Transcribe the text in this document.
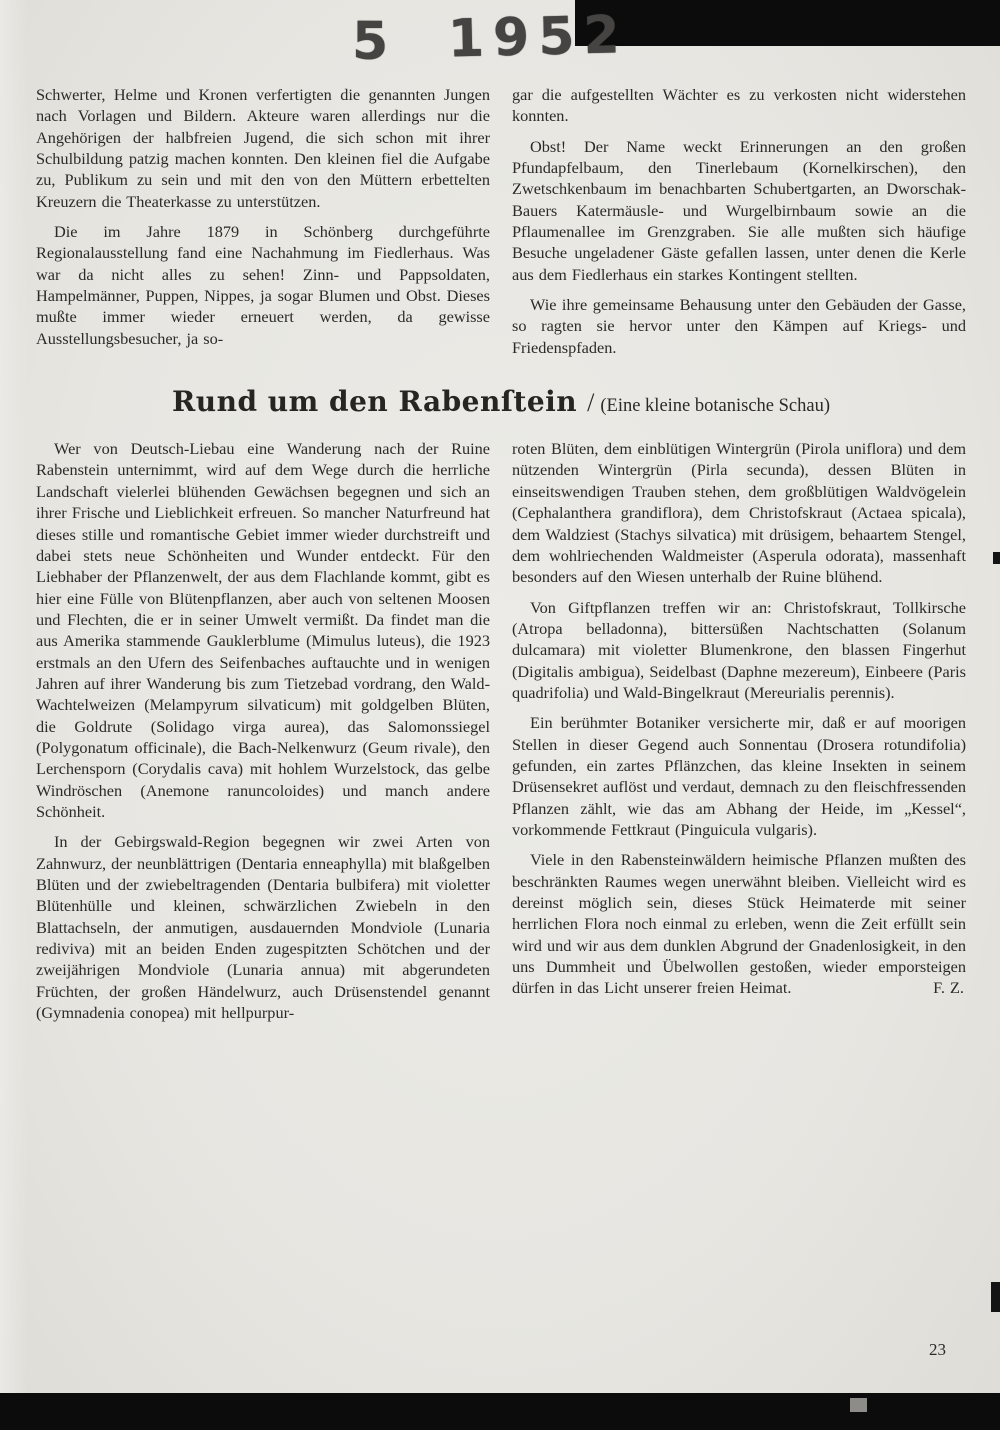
5 1952

Schwerter, Helme und Kronen verfertigten die genannten Jungen nach Vorlagen und Bildern. Akteure waren allerdings nur die Angehörigen der halbfreien Jugend, die sich schon mit ihrer Schulbildung patzig machen konnten. Den kleinen fiel die Aufgabe zu, Publikum zu sein und mit den von den Müttern erbettelten Kreuzern die Theaterkasse zu unterstützen.

Die im Jahre 1879 in Schönberg durchgeführte Regionalausstellung fand eine Nachahmung im Fiedlerhaus. Was war da nicht alles zu sehen! Zinn- und Pappsoldaten, Hampelmänner, Puppen, Nippes, ja sogar Blumen und Obst. Dieses mußte immer wieder erneuert werden, da gewisse Ausstellungsbesucher, ja so-

gar die aufgestellten Wächter es zu verkosten nicht widerstehen konnten.

Obst! Der Name weckt Erinnerungen an den großen Pfundapfelbaum, den Tinerlebaum (Kornelkirschen), den Zwetschkenbaum im benachbarten Schubertgarten, an Dworschak-Bauers Katermäusle- und Wurgelbirnbaum sowie an die Pflaumenallee im Grenzgraben. Sie alle mußten sich häufige Besuche ungeladener Gäste gefallen lassen, unter denen die Kerle aus dem Fiedlerhaus ein starkes Kontingent stellten.

Wie ihre gemeinsame Behausung unter den Gebäuden der Gasse, so ragten sie hervor unter den Kämpen auf Kriegs- und Friedenspfaden.

Rund um den Rabenſtein / (Eine kleine botanische Schau)

Wer von Deutsch-Liebau eine Wanderung nach der Ruine Rabenstein unternimmt, wird auf dem Wege durch die herrliche Landschaft vielerlei blühenden Gewächsen begegnen und sich an ihrer Frische und Lieblichkeit erfreuen. So mancher Naturfreund hat dieses stille und romantische Gebiet immer wieder durchstreift und dabei stets neue Schönheiten und Wunder entdeckt. Für den Liebhaber der Pflanzenwelt, der aus dem Flachlande kommt, gibt es hier eine Fülle von Blütenpflanzen, aber auch von seltenen Moosen und Flechten, die er in seiner Umwelt vermißt. Da findet man die aus Amerika stammende Gauklerblume (Mimulus luteus), die 1923 erstmals an den Ufern des Seifenbaches auftauchte und in wenigen Jahren auf ihrer Wanderung bis zum Tietzebad vordrang, den Wald-Wachtelweizen (Melampyrum silvaticum) mit goldgelben Blüten, die Goldrute (Solidago virga aurea), das Salomonssiegel (Polygonatum officinale), die Bach-Nelkenwurz (Geum rivale), den Lerchensporn (Corydalis cava) mit hohlem Wurzelstock, das gelbe Windröschen (Anemone ranuncoloides) und manch andere Schönheit.

In der Gebirgswald-Region begegnen wir zwei Arten von Zahnwurz, der neunblättrigen (Dentaria enneaphylla) mit blaßgelben Blüten und der zwiebeltragenden (Dentaria bulbifera) mit violetter Blütenhülle und kleinen, schwärzlichen Zwiebeln in den Blattachseln, der anmutigen, ausdauernden Mondviole (Lunaria rediviva) mit an beiden Enden zugespitzten Schötchen und der zweijährigen Mondviole (Lunaria annua) mit abgerundeten Früchten, der großen Händelwurz, auch Drüsenstendel genannt (Gymnadenia conopea) mit hellpurpur-

roten Blüten, dem einblütigen Wintergrün (Pirola uniflora) und dem nützenden Wintergrün (Pirla secunda), dessen Blüten in einseitswendigen Trauben stehen, dem großblütigen Waldvögelein (Cephalanthera grandiflora), dem Christofskraut (Actaea spicala), dem Waldziest (Stachys silvatica) mit drüsigem, behaartem Stengel, dem wohlriechenden Waldmeister (Asperula odorata), massenhaft besonders auf den Wiesen unterhalb der Ruine blühend.

Von Giftpflanzen treffen wir an: Christofskraut, Tollkirsche (Atropa belladonna), bittersüßen Nachtschatten (Solanum dulcamara) mit violetter Blumenkrone, den blassen Fingerhut (Digitalis ambigua), Seidelbast (Daphne mezereum), Einbeere (Paris quadrifolia) und Wald-Bingelkraut (Mereurialis perennis).

Ein berühmter Botaniker versicherte mir, daß er auf moorigen Stellen in dieser Gegend auch Sonnentau (Drosera rotundifolia) gefunden, ein zartes Pflänzchen, das kleine Insekten in seinem Drüsensekret auflöst und verdaut, demnach zu den fleischfressenden Pflanzen zählt, wie das am Abhang der Heide, im „Kessel“, vorkommende Fettkraut (Pinguicula vulgaris).

Viele in den Rabensteinwäldern heimische Pflanzen mußten des beschränkten Raumes wegen unerwähnt bleiben. Vielleicht wird es dereinst möglich sein, dieses Stück Heimaterde mit seiner herrlichen Flora noch einmal zu erleben, wenn die Zeit erfüllt sein wird und wir aus dem dunklen Abgrund der Gnadenlosigkeit, in den uns Dummheit und Übelwollen gestoßen, wieder emporsteigen dürfen in das Licht unserer freien Heimat.	F. Z.

23
